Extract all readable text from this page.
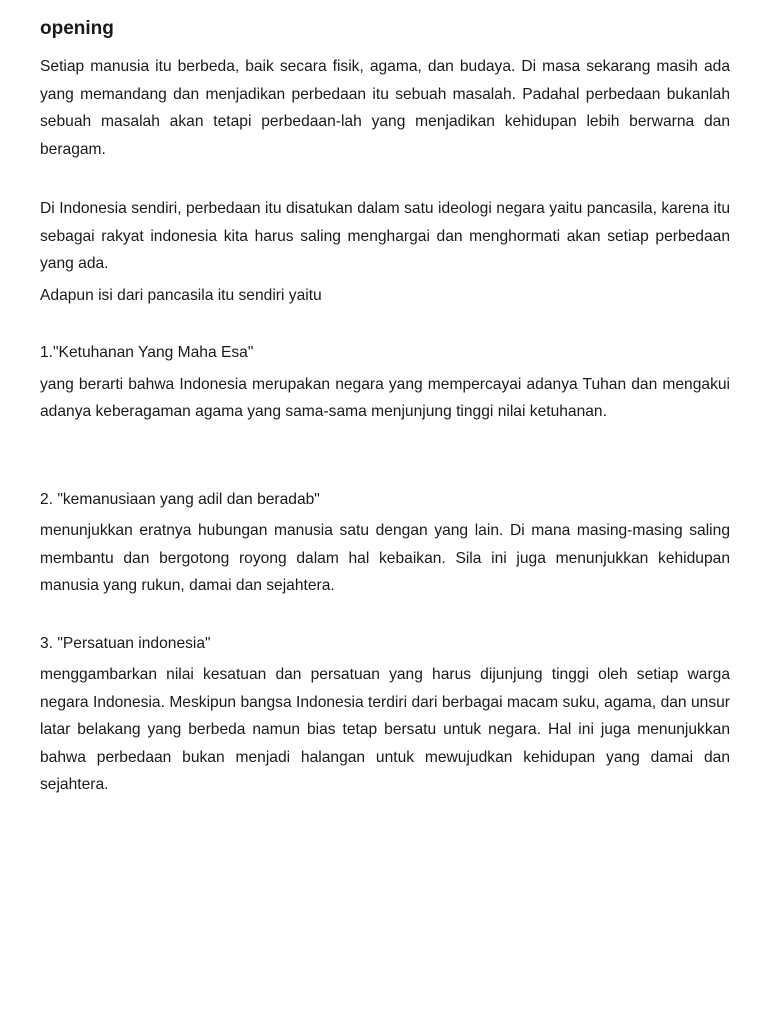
opening

Setiap manusia itu berbeda, baik secara fisik, agama, dan budaya. Di masa sekarang masih ada yang memandang dan menjadikan perbedaan itu sebuah masalah. Padahal perbedaan bukanlah sebuah masalah akan tetapi perbedaan-lah yang menjadikan kehidupan lebih berwarna dan beragam.

Di Indonesia sendiri, perbedaan itu disatukan dalam satu ideologi negara yaitu pancasila, karena itu sebagai rakyat indonesia kita harus saling menghargai dan menghormati akan setiap perbedaan yang ada.

Adapun isi dari pancasila itu sendiri yaitu

1."Ketuhanan Yang Maha Esa"

yang berarti bahwa Indonesia merupakan negara yang mempercayai adanya Tuhan dan mengakui adanya keberagaman agama yang sama-sama menjunjung tinggi nilai ketuhanan.

2. "kemanusiaan yang adil dan beradab"

menunjukkan eratnya hubungan manusia satu dengan yang lain. Di mana masing-masing saling membantu dan bergotong royong dalam hal kebaikan. Sila ini juga menunjukkan kehidupan manusia yang rukun, damai dan sejahtera.

3. "Persatuan indonesia"

menggambarkan nilai kesatuan dan persatuan yang harus dijunjung tinggi oleh setiap warga negara Indonesia. Meskipun bangsa Indonesia terdiri dari berbagai macam suku, agama, dan unsur latar belakang yang berbeda namun bias tetap bersatu untuk negara. Hal ini juga menunjukkan bahwa perbedaan bukan menjadi halangan untuk mewujudkan kehidupan yang damai dan sejahtera.
